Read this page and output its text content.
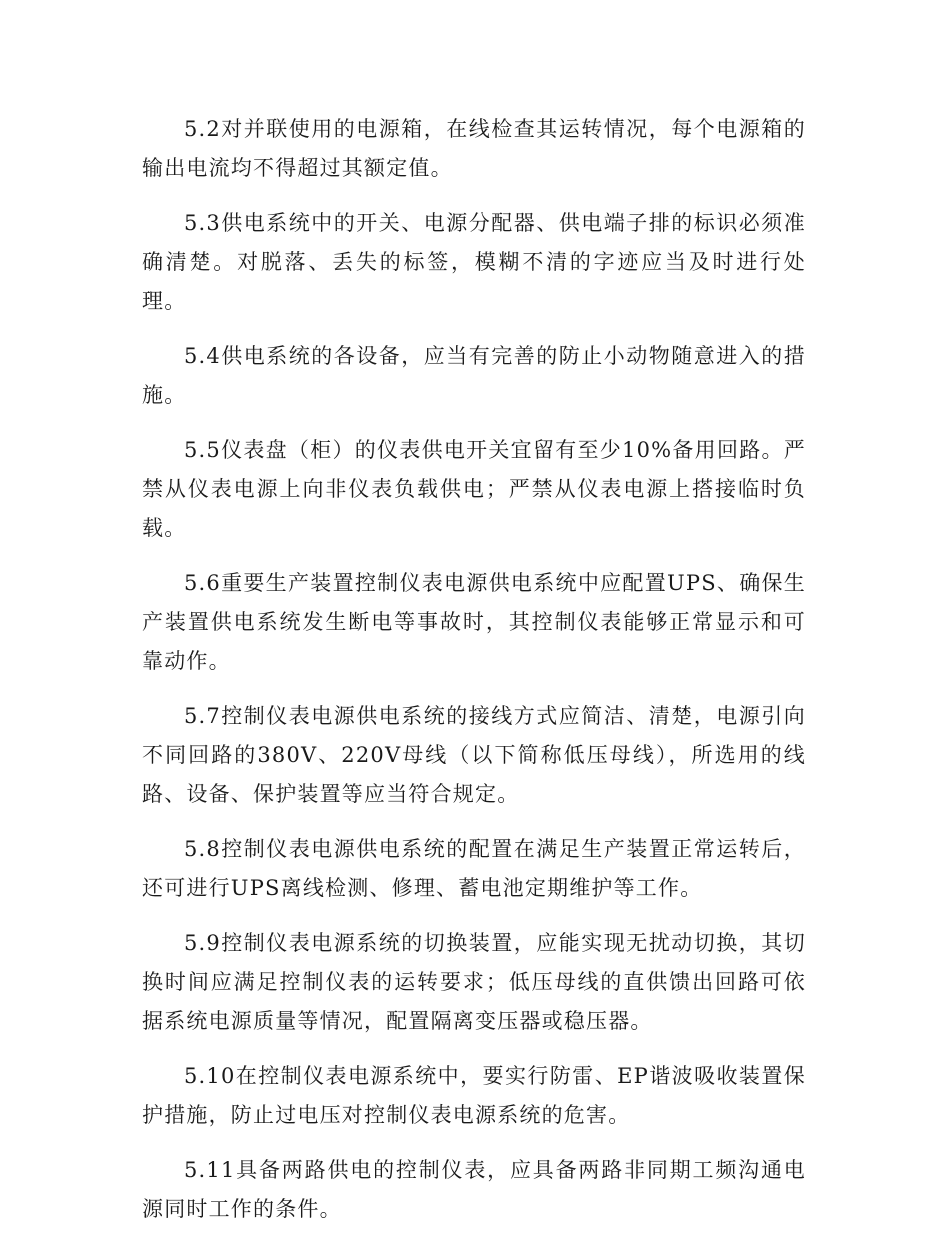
5.2对并联使用的电源箱，在线检查其运转情况，每个电源箱的输出电流均不得超过其额定值。

5.3供电系统中的开关、电源分配器、供电端子排的标识必须准确清楚。对脱落、丢失的标签，模糊不清的字迹应当及时进行处理。

5.4供电系统的各设备，应当有完善的防止小动物随意进入的措施。

5.5仪表盘（柜）的仪表供电开关宜留有至少10%备用回路。严禁从仪表电源上向非仪表负载供电；严禁从仪表电源上搭接临时负载。

5.6重要生产装置控制仪表电源供电系统中应配置UPS、确保生产装置供电系统发生断电等事故时，其控制仪表能够正常显示和可靠动作。

5.7控制仪表电源供电系统的接线方式应简洁、清楚，电源引向不同回路的380V、220V母线（以下简称低压母线），所选用的线路、设备、保护装置等应当符合规定。

5.8控制仪表电源供电系统的配置在满足生产装置正常运转后，还可进行UPS离线检测、修理、蓄电池定期维护等工作。

5.9控制仪表电源系统的切换装置，应能实现无扰动切换，其切换时间应满足控制仪表的运转要求；低压母线的直供馈出回路可依据系统电源质量等情况，配置隔离变压器或稳压器。

5.10在控制仪表电源系统中，要实行防雷、EP谐波吸收装置保护措施，防止过电压对控制仪表电源系统的危害。

5.11具备两路供电的控制仪表，应具备两路非同期工频沟通电源同时工作的条件。
